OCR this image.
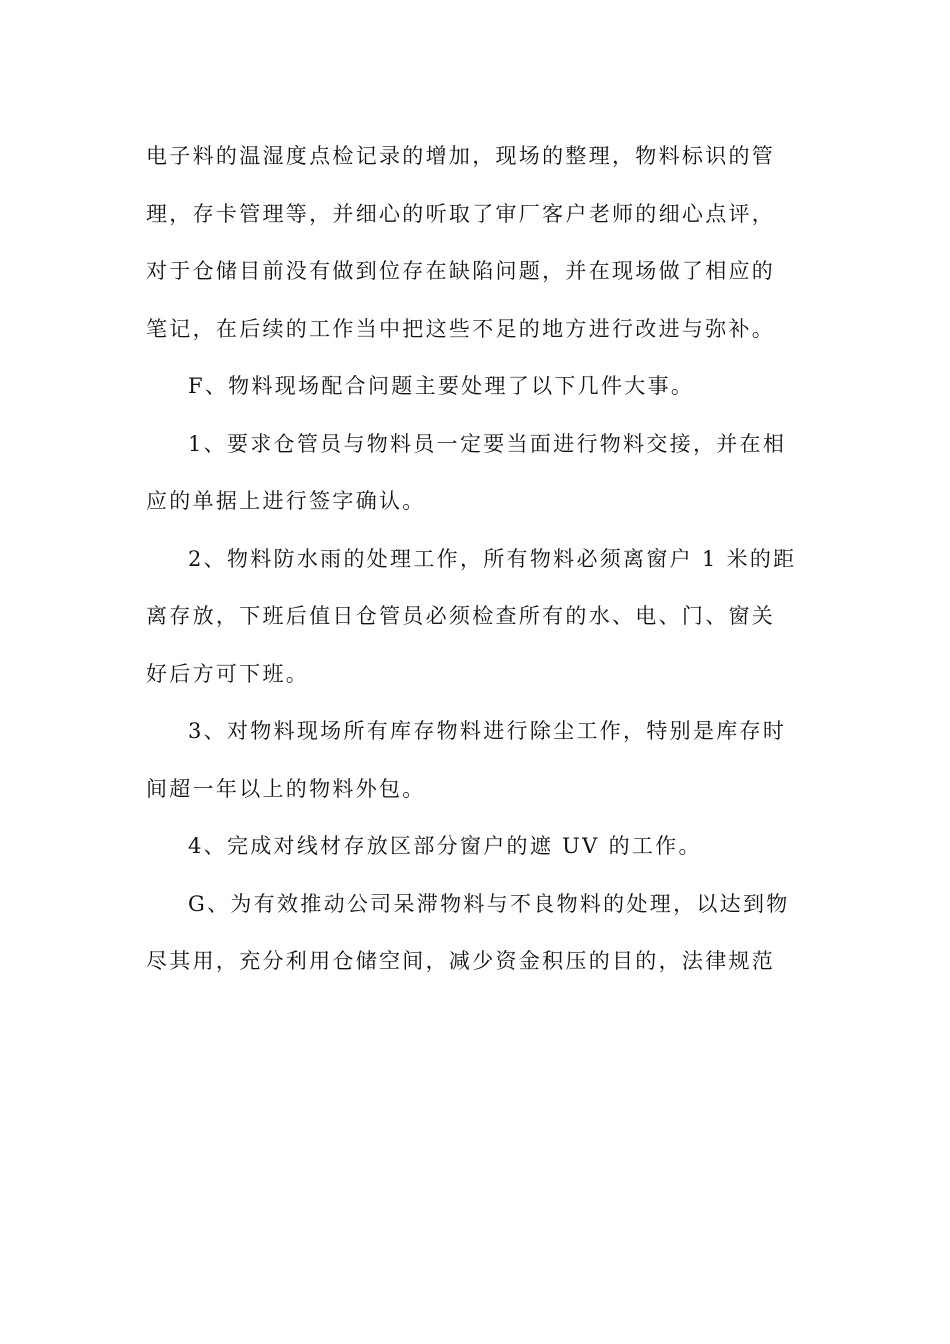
电子料的温湿度点检记录的增加，现场的整理，物料标识的管
理，存卡管理等，并细心的听取了审厂客户老师的细心点评，
对于仓储目前没有做到位存在缺陷问题，并在现场做了相应的
笔记，在后续的工作当中把这些不足的地方进行改进与弥补。
F、物料现场配合问题主要处理了以下几件大事。
1、要求仓管员与物料员一定要当面进行物料交接，并在相
应的单据上进行签字确认。
2、物料防水雨的处理工作，所有物料必须离窗户 1 米的距
离存放，下班后值日仓管员必须检查所有的水、电、门、窗关
好后方可下班。
3、对物料现场所有库存物料进行除尘工作，特别是库存时
间超一年以上的物料外包。
4、完成对线材存放区部分窗户的遮 UV 的工作。
G、为有效推动公司呆滞物料与不良物料的处理，以达到物
尽其用，充分利用仓储空间，减少资金积压的目的，法律规范
